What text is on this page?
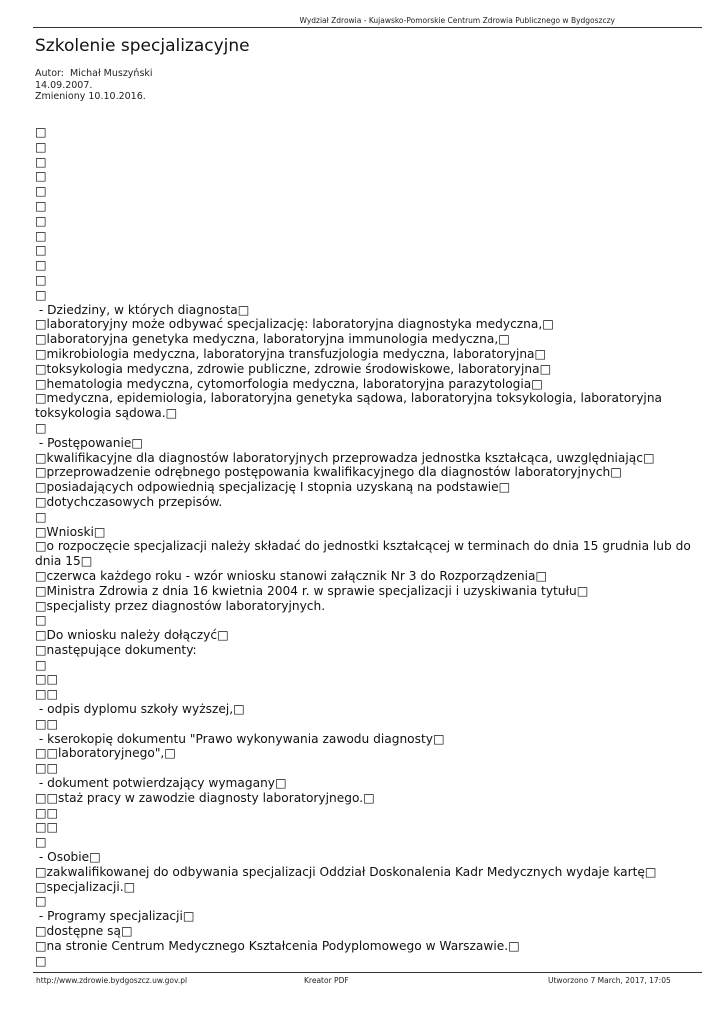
Wydział Zdrowia - Kujawsko-Pomorskie Centrum Zdrowia Publicznego w Bydgoszczy
Szkolenie specjalizacyjne
Autor:  Michał Muszyński
14.09.2007.
Zmieniony 10.10.2016.
□
□
□
□
□
□
□
□
□
□
□
□
- Dziedziny, w których diagnosta□
□laboratoryjny może odbywać specjalizację: laboratoryjna diagnostyka medyczna,□
□laboratoryjna genetyka medyczna, laboratoryjna immunologia medyczna,□
□mikrobiologia medyczna, laboratoryjna transfuzjologia medyczna, laboratoryjna□
□toksykologia medyczna, zdrowie publiczne, zdrowie środowiskowe, laboratoryjna□
□hematologia medyczna, cytomorfologia medyczna, laboratoryjna parazytologia□
□medyczna, epidemiologia, laboratoryjna genetyka sądowa, laboratoryjna toksykologia, laboratoryjna toksykologia sądowa.□
□
- Postępowanie□
□kwalifikacyjne dla diagnostów laboratoryjnych przeprowadza jednostka kształcąca, uwzględniając□
□przeprowadzenie odrębnego postępowania kwalifikacyjnego dla diagnostów laboratoryjnych□
□posiadających odpowiednią specjalizację I stopnia uzyskaną na podstawie□
□dotychczasowych przepisów.
□
□Wnioski□
□o rozpoczęcie specjalizacji należy składać do jednostki kształcącej w terminach do dnia 15 grudnia lub do dnia 15□
□czerwca każdego roku - wzór wniosku stanowi załącznik Nr 3 do Rozporządzenia□
□Ministra Zdrowia z dnia 16 kwietnia 2004 r. w sprawie specjalizacji i uzyskiwania tytułu□
□specjalisty przez diagnostów laboratoryjnych.
□
□Do wniosku należy dołączyć□
□następujące dokumenty:
□
□□
□□
- odpis dyplomu szkoły wyższej,□
□□
- kserokopię dokumentu "Prawo wykonywania zawodu diagnosty□
□□laboratoryjnego",□
□□
- dokument potwierdzający wymagany□
□□staż pracy w zawodzie diagnosty laboratoryjnego.□
□□
□□
□
- Osobie□
□zakwalifikowanej do odbywania specjalizacji Oddział Doskonalenia Kadr Medycznych wydaje kartę□
□specjalizacji.□
□
- Programy specjalizacji□
□dostępne są□
□na stronie Centrum Medycznego Kształcenia Podyplomowego w Warszawie.□
□
http://www.zdrowie.bydgoszcz.uw.gov.pl	Kreator PDF	Utworzono 7 March, 2017, 17:05
